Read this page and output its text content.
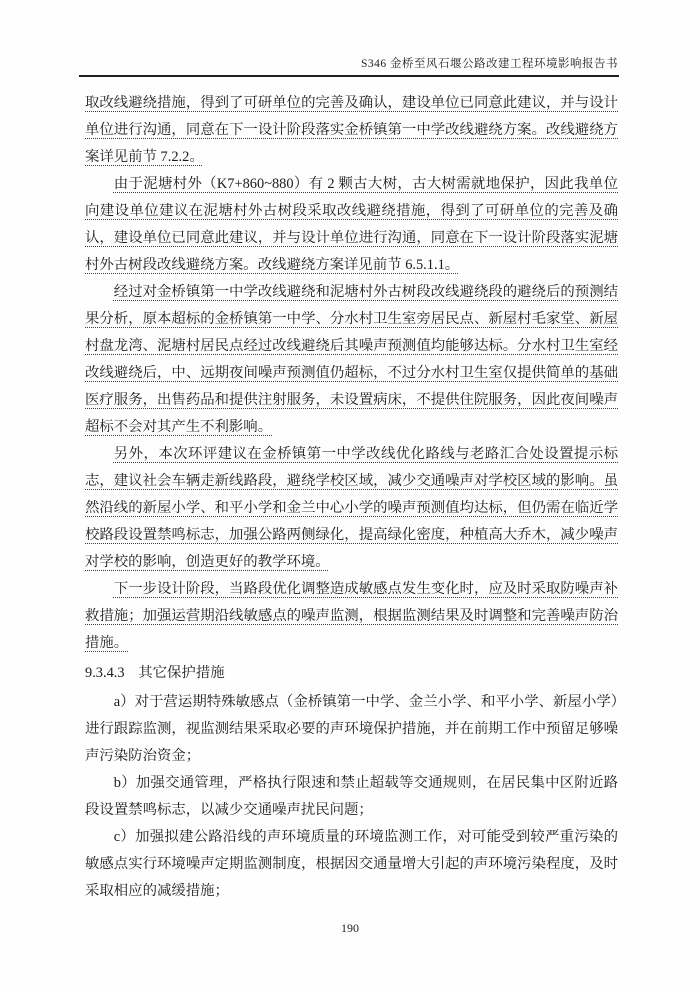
S346 金桥至风石堰公路改建工程环境影响报告书

取改线避绕措施，得到了可研单位的完善及确认，建设单位已同意此建议，并与设计单位进行沟通，同意在下一设计阶段落实金桥镇第一中学改线避绕方案。改线避绕方案详见前节 7.2.2。

由于泥塘村外（K7+860~880）有 2 颗古大树，古大树需就地保护，因此我单位向建设单位建议在泥塘村外古树段采取改线避绕措施，得到了可研单位的完善及确认，建设单位已同意此建议，并与设计单位进行沟通，同意在下一设计阶段落实泥塘村外古树段改线避绕方案。改线避绕方案详见前节 6.5.1.1。

经过对金桥镇第一中学改线避绕和泥塘村外古树段改线避绕段的避绕后的预测结果分析，原本超标的金桥镇第一中学、分水村卫生室旁居民点、新屋村毛家堂、新屋村盘龙湾、泥塘村居民点经过改线避绕后其噪声预测值均能够达标。分水村卫生室经改线避绕后，中、远期夜间噪声预测值仍超标，不过分水村卫生室仅提供简单的基础医疗服务，出售药品和提供注射服务，未设置病床，不提供住院服务，因此夜间噪声超标不会对其产生不利影响。

另外，本次环评建议在金桥镇第一中学改线优化路线与老路汇合处设置提示标志，建议社会车辆走新线路段，避绕学校区域，减少交通噪声对学校区域的影响。虽然沿线的新屋小学、和平小学和金兰中心小学的噪声预测值均达标，但仍需在临近学校路段设置禁鸣标志，加强公路两侧绿化，提高绿化密度，种植高大乔木，减少噪声对学校的影响，创造更好的教学环境。

下一步设计阶段，当路段优化调整造成敏感点发生变化时，应及时采取防噪声补救措施；加强运营期沿线敏感点的噪声监测，根据监测结果及时调整和完善噪声防治措施。

9.3.4.3 其它保护措施

a）对于营运期特殊敏感点（金桥镇第一中学、金兰小学、和平小学、新屋小学）进行跟踪监测，视监测结果采取必要的声环境保护措施，并在前期工作中预留足够噪声污染防治资金；

b）加强交通管理，严格执行限速和禁止超载等交通规则，在居民集中区附近路段设置禁鸣标志，以减少交通噪声扰民问题；

c）加强拟建公路沿线的声环境质量的环境监测工作，对可能受到较严重污染的敏感点实行环境噪声定期监测制度，根据因交通量增大引起的声环境污染程度，及时采取相应的减缓措施；

190
